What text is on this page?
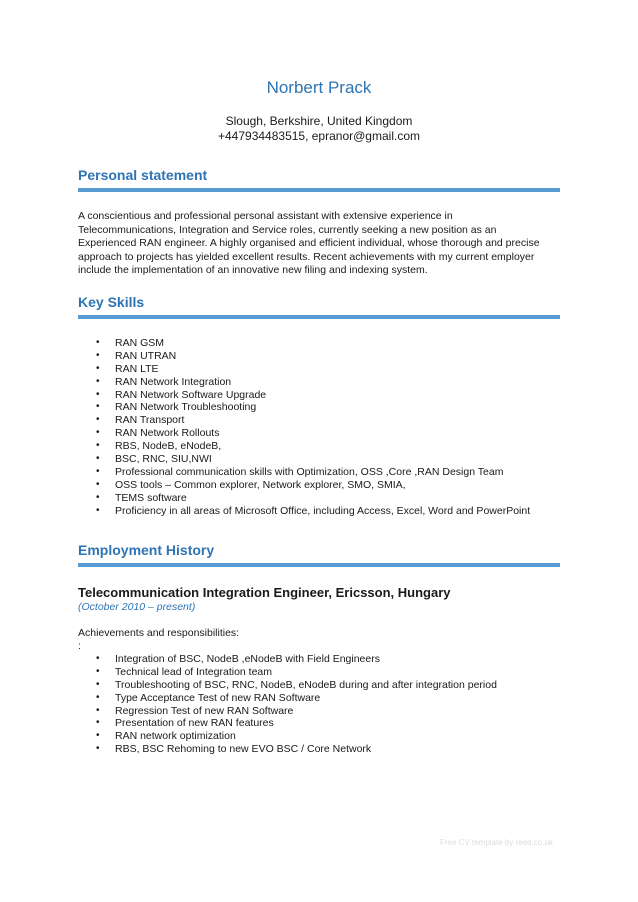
Norbert Prack
Slough, Berkshire, United Kingdom
+447934483515, epranor@gmail.com
Personal statement

A conscientious and professional personal assistant with extensive experience in
Telecommunications, Integration and Service roles, currently seeking a new position as an
Experienced RAN engineer. A highly organised and efficient individual, whose thorough and precise
approach to projects has yielded excellent results. Recent achievements with my current employer
include the implementation of an innovative new filing and indexing system.

Key Skills
• RAN GSM
• RAN UTRAN
• RAN LTE
• RAN Network Integration
• RAN Network Software Upgrade
• RAN Network Troubleshooting
• RAN Transport
• RAN Network Rollouts
• RBS, NodeB, eNodeB,
• BSC, RNC, SIU,NWI
• Professional communication skills with Optimization, OSS ,Core ,RAN Design Team
• OSS tools – Common explorer, Network explorer, SMO, SMIA,
• TEMS software
• Proficiency in all areas of Microsoft Office, including Access, Excel, Word and PowerPoint
Employment History
Telecommunication Integration Engineer, Ericsson, Hungary
(October 2010 – present)
Achievements and responsibilities:
:
• Integration of BSC, NodeB ,eNodeB with Field Engineers
• Technical lead of Integration team
• Troubleshooting of BSC, RNC, NodeB, eNodeB during and after integration period
• Type Acceptance Test of new RAN Software
• Regression Test of new RAN Software
• Presentation of new RAN features
• RAN network optimization
• RBS, BSC Rehoming to new EVO BSC / Core Network
Free CV template by reed.co.uk
